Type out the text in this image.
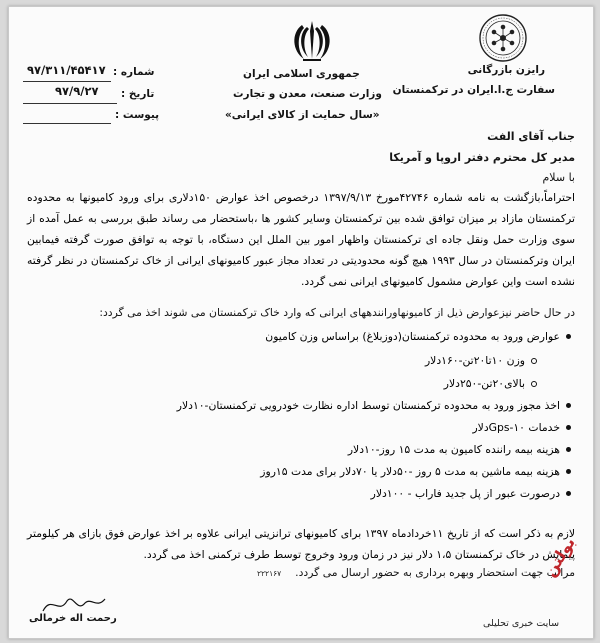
رایزن بازرگانی
سفارت ج.ا.ایران در ترکمنستان
جمهوری اسلامی ایران
وزارت صنعت، معدن و تجارت
«سال حمایت از کالای ایرانی»
شماره :
۹۷/۳۱۱/۴۵۴۱۷
تاریخ :
۹۷/۹/۲۷
پیوست :
جناب آقای الفت
مدیر کل محترم دفتر اروپا و آمریکا
با سلام
احتراماً،بازگشت به نامه شماره ۴۲۷۴۶مورخ ۱۳۹۷/۹/۱۳ درخصوص اخذ عوارض ۱۵۰دلاری برای ورود کامیونها به محدوده ترکمنستان مازاد بر میزان توافق شده بین ترکمنستان وسایر کشور ها ،باستحضار می رساند طبق بررسی به عمل آمده از سوی وزارت حمل ونقل جاده ای ترکمنستان واظهار امور بین الملل این دستگاه، با توجه به توافق صورت گرفته فیمابین ایران وترکمنستان در سال ۱۹۹۳ هیچ گونه محدودیتی در تعداد مجاز عبور کامیونهای ایرانی از خاک ترکمنستان در نظر گرفته نشده است واین عوارض مشمول کامیونهای ایرانی نمی گردد.
در حال حاضر نیزعوارض ذیل از کامیونهاورانندههای ایرانی که وارد خاک ترکمنستان می شوند اخذ می گردد:
عوارض ورود به محدوده ترکمنستان(دوزبلاغ) براساس وزن کامیون
وزن ۱۰تا۲۰تن-۱۶۰دلار
بالای۲۰تن-۲۵۰دلار
اخذ مجوز ورود به محدوده ترکمنستان توسط اداره نظارت خودرویی ترکمنستان-۱۰دلار
خدمات Gps-۱۰دلار
هزینه بیمه راننده کامیون به مدت ۱۵ روز-۱۰دلار
هزینه بیمه ماشین به مدت ۵ روز -۵۰دلار یا ۷۰دلار برای مدت ۱۵روز
درصورت عبور از پل جدید فاراب - ۱۰۰دلار
لازم به ذکر است که از تاریخ ۱۱خردادماه ۱۳۹۷ برای کامیونهای ترانزیتی ایرانی علاوه بر اخذ عوارض فوق بازای هر کیلومتر پیمایش در خاک ترکمنستان ۱،۵ دلار نیز در زمان ورود وخروج توسط طرف ترکمنی اخذ می گردد.
مراتب جهت استحضار وبهره برداری به حضور ارسال می گردد.
۲۲۲۱۶۷
رحمت اله خرمالی	سایت خبری تحلیلی
بولتن
